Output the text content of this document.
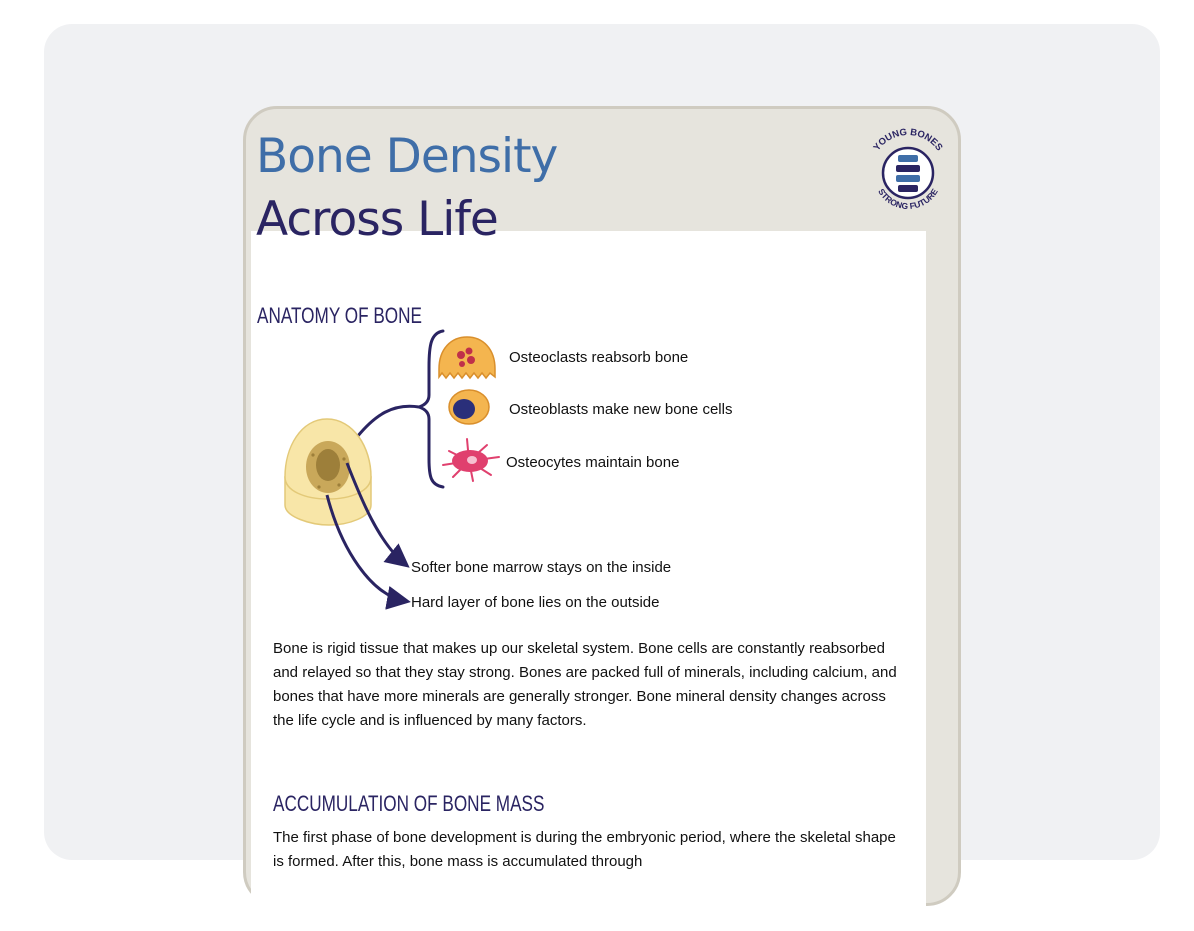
ANATOMY OF BONE

Osteoclasts reabsorb bone

Osteoblasts make new bone cells

Osteocytes maintain bone

Softer bone marrow stays on the inside

Hard layer of bone lies on the outside

Bone is rigid tissue that makes up our skeletal system. Bone cells are constantly reabsorbed and relayed so that they stay strong. Bones are packed full of minerals, including calcium, and bones that have more minerals are generally stronger. Bone mineral density changes across the life cycle and is influenced by many factors.

ACCUMULATION OF BONE MASS

The first phase of bone development is during the embryonic period, where the skeletal shape is formed. After this, bone mass is accumulated through

Bone Density
Across Life
YOUNG BONES
STRONG FUTURE
